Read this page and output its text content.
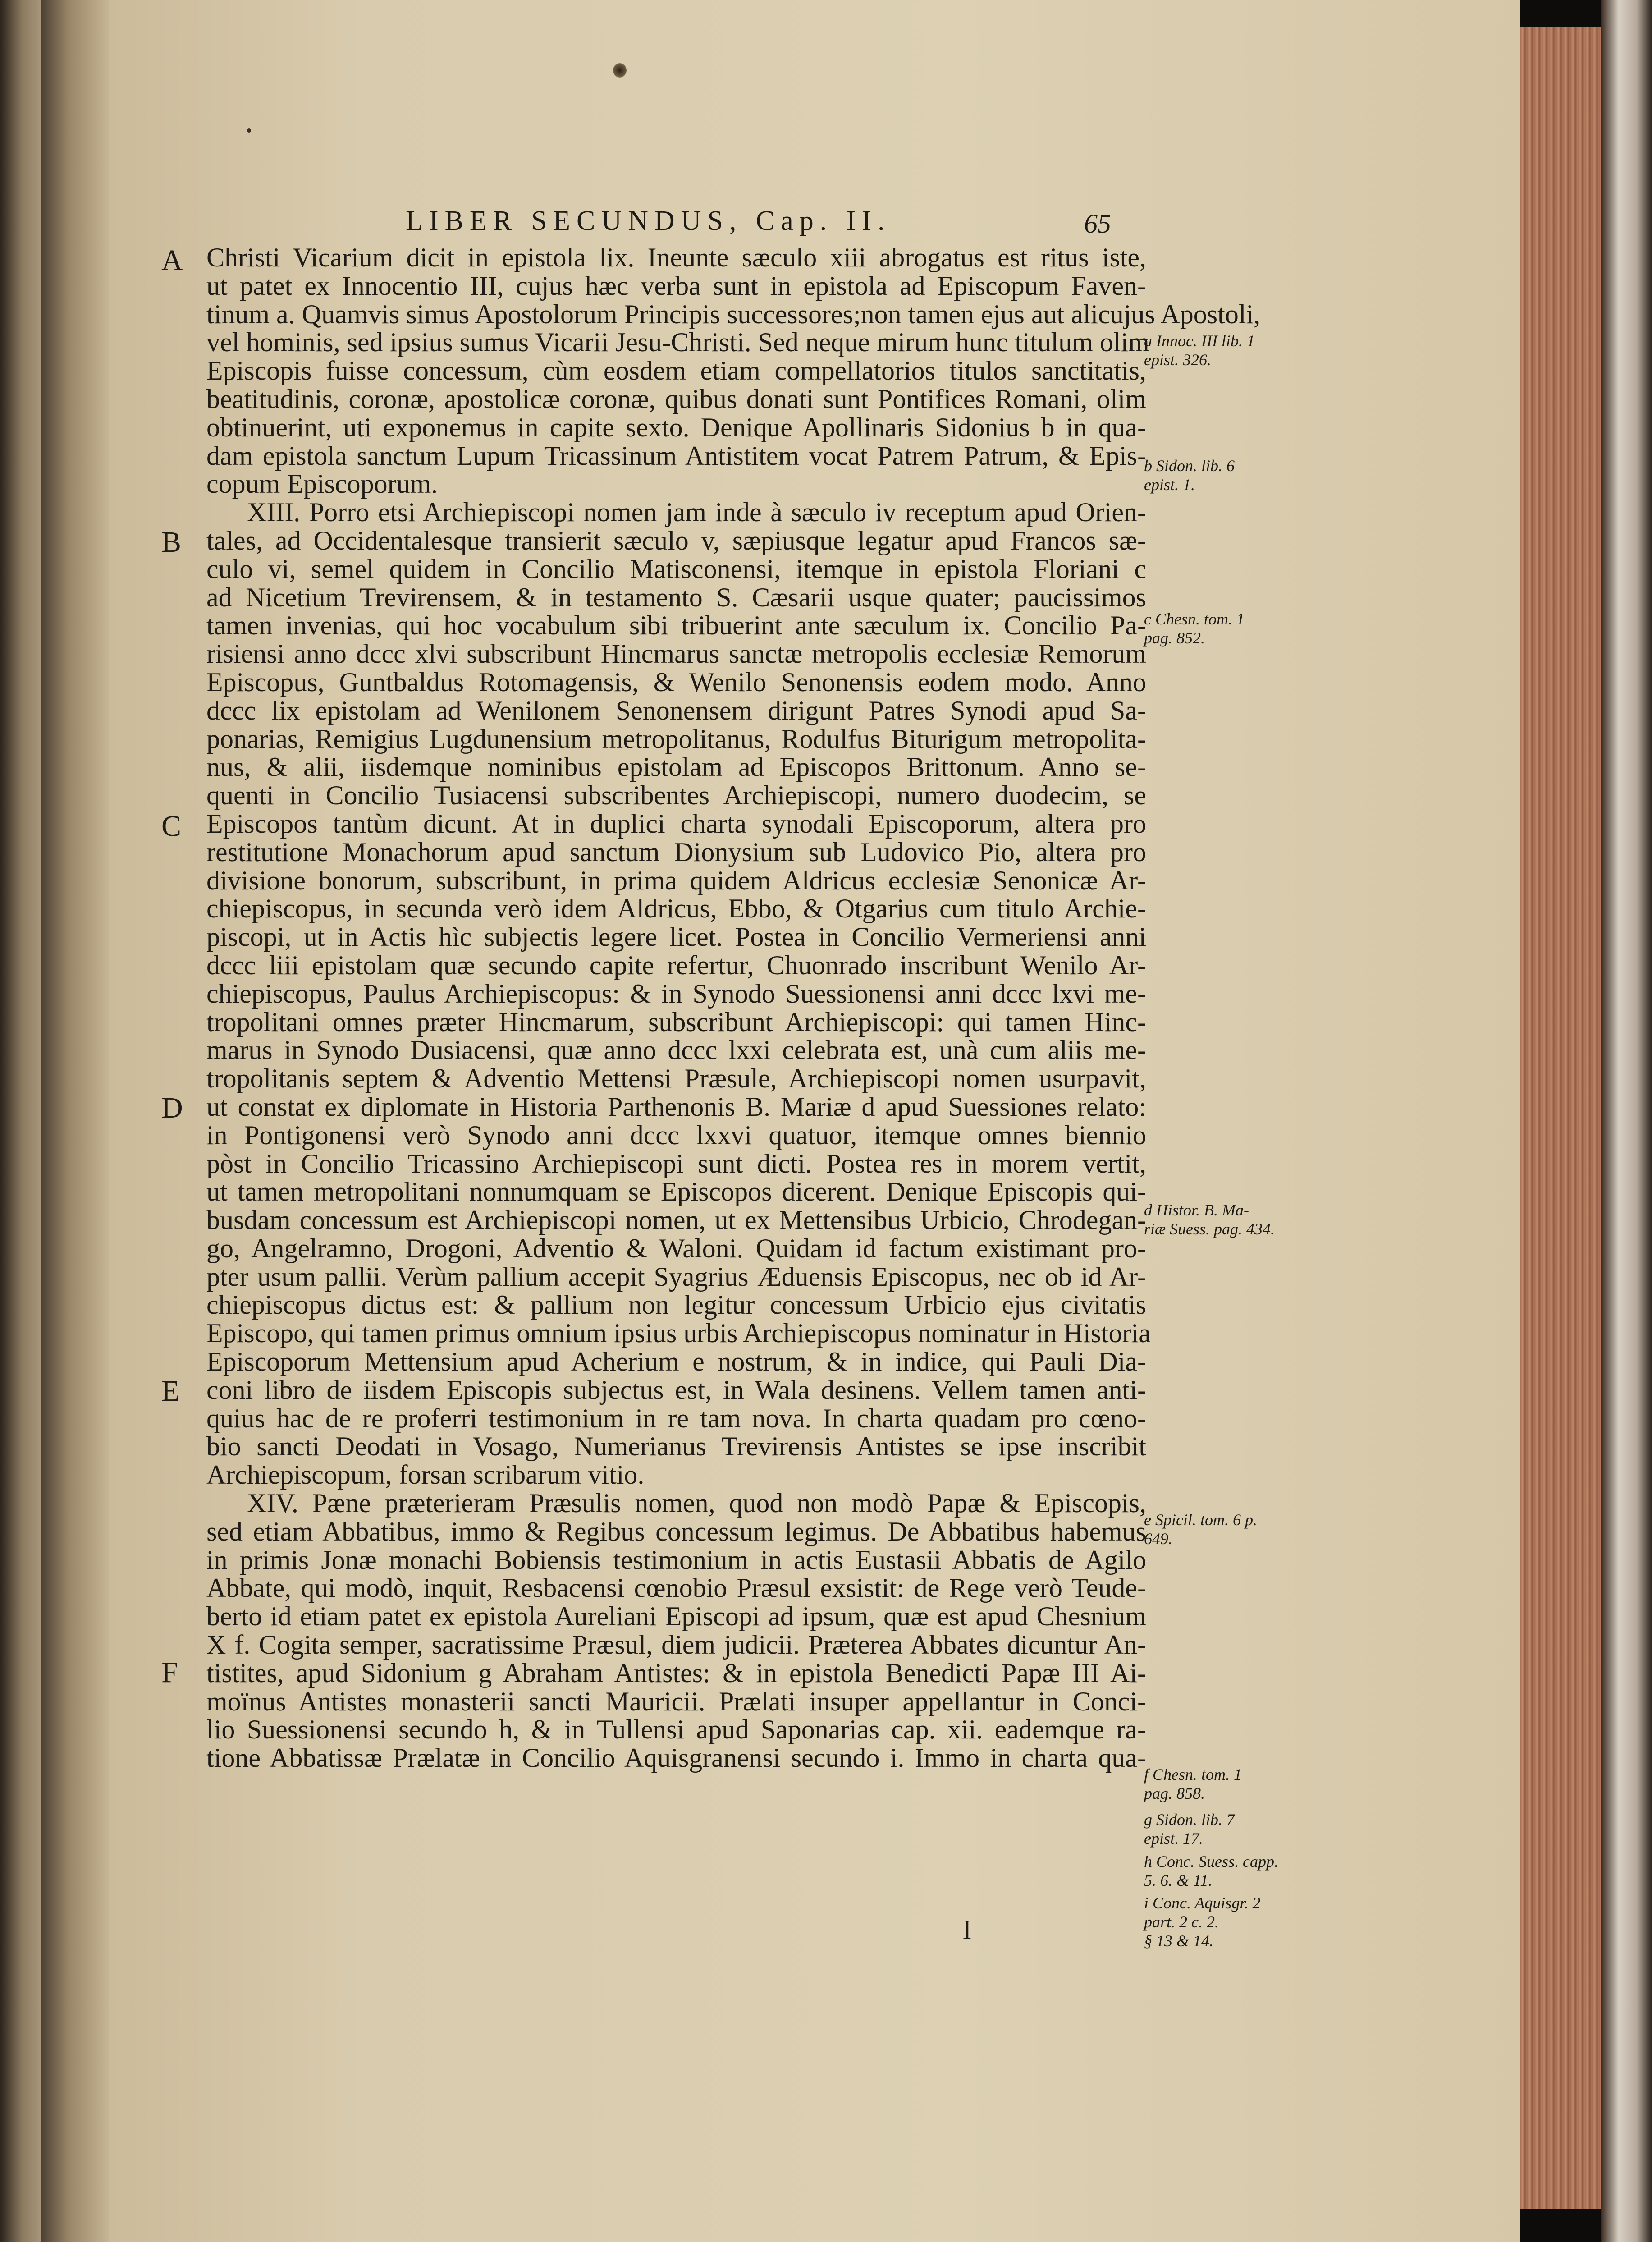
LIBER SECUNDUS, Cap. II.	65
A
B
C
D
E
F
Christi Vicarium dicit in epistola lix. Ineunte sæculo xiii abrogatus est ritus iste,
ut patet ex Innocentio III, cujus hæc verba sunt in epistola ad Episcopum Faven-
tinum a. Quamvis simus Apostolorum Principis successores;non tamen ejus aut alicujus Apostoli,
vel hominis, sed ipsius sumus Vicarii Jesu-Christi. Sed neque mirum hunc titulum olim
Episcopis fuisse concessum, cùm eosdem etiam compellatorios titulos sanctitatis,
beatitudinis, coronæ, apostolicæ coronæ, quibus donati sunt Pontifices Romani, olim
obtinuerint, uti exponemus in capite sexto. Denique Apollinaris Sidonius b in qua-
dam epistola sanctum Lupum Tricassinum Antistitem vocat Patrem Patrum, & Epis-
copum Episcoporum.
XIII. Porro etsi Archiepiscopi nomen jam inde à sæculo iv receptum apud Orien-
tales, ad Occidentalesque transierit sæculo v, sæpiusque legatur apud Francos sæ-
culo vi, semel quidem in Concilio Matisconensi, itemque in epistola Floriani c
ad Nicetium Trevirensem, & in testamento S. Cæsarii usque quater; paucissimos
tamen invenias, qui hoc vocabulum sibi tribuerint ante sæculum ix. Concilio Pa-
risiensi anno dccc xlvi subscribunt Hincmarus sanctæ metropolis ecclesiæ Remorum
Episcopus, Guntbaldus Rotomagensis, & Wenilo Senonensis eodem modo. Anno
dccc lix epistolam ad Wenilonem Senonensem dirigunt Patres Synodi apud Sa-
ponarias, Remigius Lugdunensium metropolitanus, Rodulfus Biturigum metropolita-
nus, & alii, iisdemque nominibus epistolam ad Episcopos Brittonum. Anno se-
quenti in Concilio Tusiacensi subscribentes Archiepiscopi, numero duodecim, se
Episcopos tantùm dicunt. At in duplici charta synodali Episcoporum, altera pro
restitutione Monachorum apud sanctum Dionysium sub Ludovico Pio, altera pro
divisione bonorum, subscribunt, in prima quidem Aldricus ecclesiæ Senonicæ Ar-
chiepiscopus, in secunda verò idem Aldricus, Ebbo, & Otgarius cum titulo Archie-
piscopi, ut in Actis hìc subjectis legere licet. Postea in Concilio Vermeriensi anni
dccc liii epistolam quæ secundo capite refertur, Chuonrado inscribunt Wenilo Ar-
chiepiscopus, Paulus Archiepiscopus: & in Synodo Suessionensi anni dccc lxvi me-
tropolitani omnes præter Hincmarum, subscribunt Archiepiscopi: qui tamen Hinc-
marus in Synodo Dusiacensi, quæ anno dccc lxxi celebrata est, unà cum aliis me-
tropolitanis septem & Adventio Mettensi Præsule, Archiepiscopi nomen usurpavit,
ut constat ex diplomate in Historia Parthenonis B. Mariæ d apud Suessiones relato:
in Pontigonensi verò Synodo anni dccc lxxvi quatuor, itemque omnes biennio
pòst in Concilio Tricassino Archiepiscopi sunt dicti. Postea res in morem vertit,
ut tamen metropolitani nonnumquam se Episcopos dicerent. Denique Episcopis qui-
busdam concessum est Archiepiscopi nomen, ut ex Mettensibus Urbicio, Chrodegan-
go, Angelramno, Drogoni, Adventio & Waloni. Quidam id factum existimant pro-
pter usum pallii. Verùm pallium accepit Syagrius Æduensis Episcopus, nec ob id Ar-
chiepiscopus dictus est: & pallium non legitur concessum Urbicio ejus civitatis
Episcopo, qui tamen primus omnium ipsius urbis Archiepiscopus nominatur in Historia
Episcoporum Mettensium apud Acherium e nostrum, & in indice, qui Pauli Dia-
coni libro de iisdem Episcopis subjectus est, in Wala desinens. Vellem tamen anti-
quius hac de re proferri testimonium in re tam nova. In charta quadam pro cœno-
bio sancti Deodati in Vosago, Numerianus Trevirensis Antistes se ipse inscribit
Archiepiscopum, forsan scribarum vitio.
XIV. Pæne præterieram Præsulis nomen, quod non modò Papæ & Episcopis,
sed etiam Abbatibus, immo & Regibus concessum legimus. De Abbatibus habemus
in primis Jonæ monachi Bobiensis testimonium in actis Eustasii Abbatis de Agilo
Abbate, qui modò, inquit, Resbacensi cœnobio Præsul exsistit: de Rege verò Teude-
berto id etiam patet ex epistola Aureliani Episcopi ad ipsum, quæ est apud Chesnium
X f. Cogita semper, sacratissime Præsul, diem judicii. Præterea Abbates dicuntur An-
tistites, apud Sidonium g Abraham Antistes: & in epistola Benedicti Papæ III Ai-
moïnus Antistes monasterii sancti Mauricii. Prælati insuper appellantur in Conci-
lio Suessionensi secundo h, & in Tullensi apud Saponarias cap. xii. eademque ra-
tione Abbatissæ Prælatæ in Concilio Aquisgranensi secundo i. Immo in charta qua-
a Innoc. III lib. 1
epist. 326.
b Sidon. lib. 6
epist. 1.
c Chesn. tom. 1
pag. 852.
d Histor. B. Ma-
riæ Suess. pag. 434.
e Spicil. tom. 6 p.
649.
f Chesn. tom. 1
pag. 858.
g Sidon. lib. 7
epist. 17.
h Conc. Suess. capp.
5. 6. & 11.
i Conc. Aquisgr. 2
part. 2 c. 2.
§ 13 & 14.
I
